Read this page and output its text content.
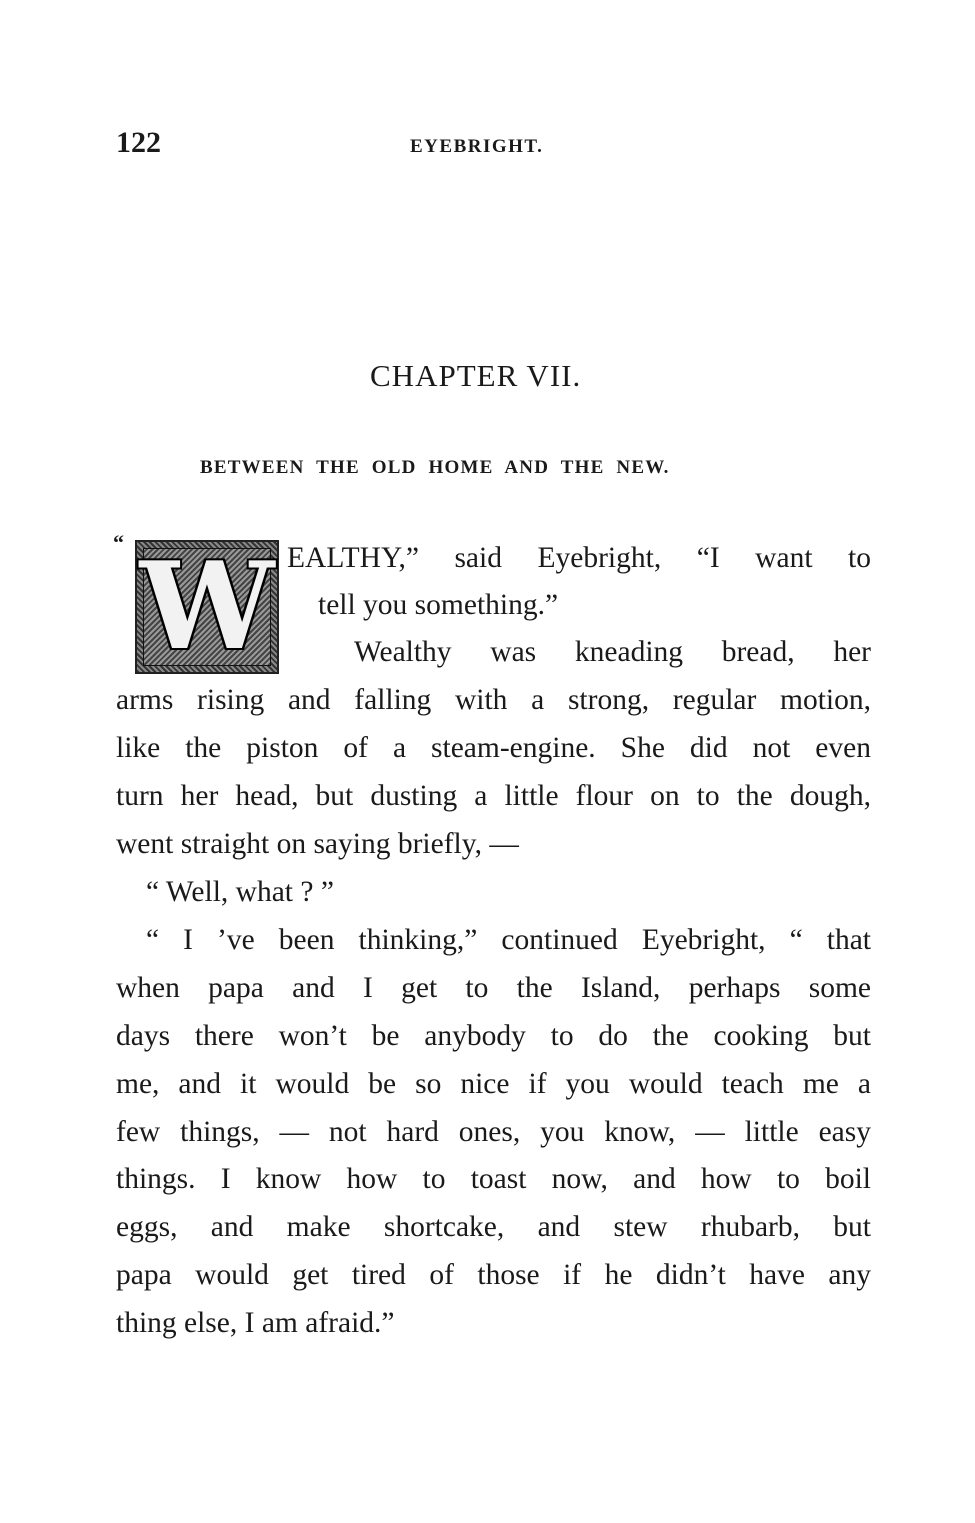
122	EYEBRIGHT.
CHAPTER VII.
BETWEEN THE OLD HOME AND THE NEW.
“ W EALTHY,” said Eyebright, “I want to
tell you something.”
Wealthy was kneading bread, her
arms rising and falling with a strong, regular motion,
like the piston of a steam-engine. She did not even
turn her head, but dusting a little flour on to the dough,
went straight on saying briefly, —
“ Well, what ? ”
“ I ’ve been thinking,” continued Eyebright, “ that
when papa and I get to the Island, perhaps some
days there won’t be anybody to do the cooking but
me, and it would be so nice if you would teach me a
few things, — not hard ones, you know, — little easy
things. I know how to toast now, and how to boil
eggs, and make shortcake, and stew rhubarb, but
papa would get tired of those if he didn’t have any
thing else, I am afraid.”
